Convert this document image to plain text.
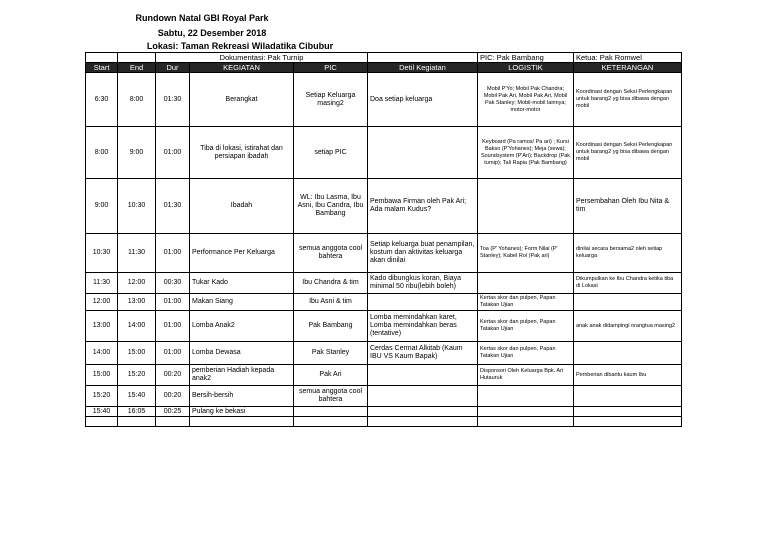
Rundown Natal GBI Royal Park
Sabtu, 22 Desember 2018
Lokasi: Taman Rekreasi Wiladatika Cibubur
		Dokumentasi: Pak Turnip				PIC: Pak Bambang	Ketua: Pak Romwel
Start	End	Dur	KEGIATAN	PIC	Detil Kegiatan	LOGISTIK	KETERANGAN
6:30	8:00	01:30	Berangkat	Setiap Keluarga masing2	Doa setiap keluarga	Mobil P'Yo; Mobil Pak Chandra; Mobil Pak Ari, Mobil Pak Ari, Mobil Pak Stanley; Mobil-mobil lainnya; motor-motor	Koordinasi dengan Seksi Perlengkapan untuk barang2 yg bisa dibawa dengan mobil
8:00	9:00	01:00	Tiba di lokasi, istirahat dan persiapan ibadah	setiap PIC		Keyboard (Pa ramos/ Pa ari) ; Kursi Bakso (P'Yohanes); Meja (sewa); Soundsystem (P'Ari); Backdrop (Pak turnip); Tali Rapia (Pak Bambang)	Koordinasi dengan Seksi Perlengkapan untuk barang2 yg bisa dibawa dengan mobil
9:00	10:30	01:30	Ibadah	WL: Ibu Lasma, Ibu Asni, Ibu Candra, Ibu Bambang	Pembawa Firman oleh Pak Ari; Ada malam Kudus?		Persembahan Oleh Ibu Nita & tim
10:30	11:30	01:00	Performance Per Keluarga	semua anggota cool bahtera	Setiap keluarga buat penampilan, kostum dan aktivitas keluarga akan dinilai	Toa (P' Yohanes); Form Nilai (P' Stanley); Kabel Rol (Pak ari)	dinilai secara bersama2 oleh setiap keluarga
11:30	12:00	00:30	Tukar Kado	Ibu Chandra & tim	Kado dibungkus koran, Biaya minimal 50 ribu(lebih boleh)		Dikumpulkan ke Ibu Chandra ketika tiba di Lokasi
12:00	13:00	01:00	Makan Siang	Ibu Asni & tim		Kertas skor dan pulpen, Papan Tatakan Ujian	
13:00	14:00	01:00	Lomba Anak2	Pak Bambang	Lomba memindahkan karet, Lomba memindahkan beras (tentative)	Kertas skor dan pulpen, Papan Tatakan Ujian	anak anak didampingi orangtua masing2
14:00	15:00	01:00	Lomba Dewasa	Pak Stanley	Cerdas Cermat Alkitab (Kaum IBU VS Kaum Bapak)	Kertas skor dan pulpen, Papan Tatakan Ujian	
15:00	15:20	00:20	pemberian Hadiah kepada anak2	Pak Ari		Disponsori Oleh Keluarga Bpk. Ari Hutauruk	Pemberian dibantu kaum Ibu
15:20	15:40	00:20	Bersih-bersih	semua anggota cool bahtera			
15:40	16:05	00:25	Pulang ke bekasi				
